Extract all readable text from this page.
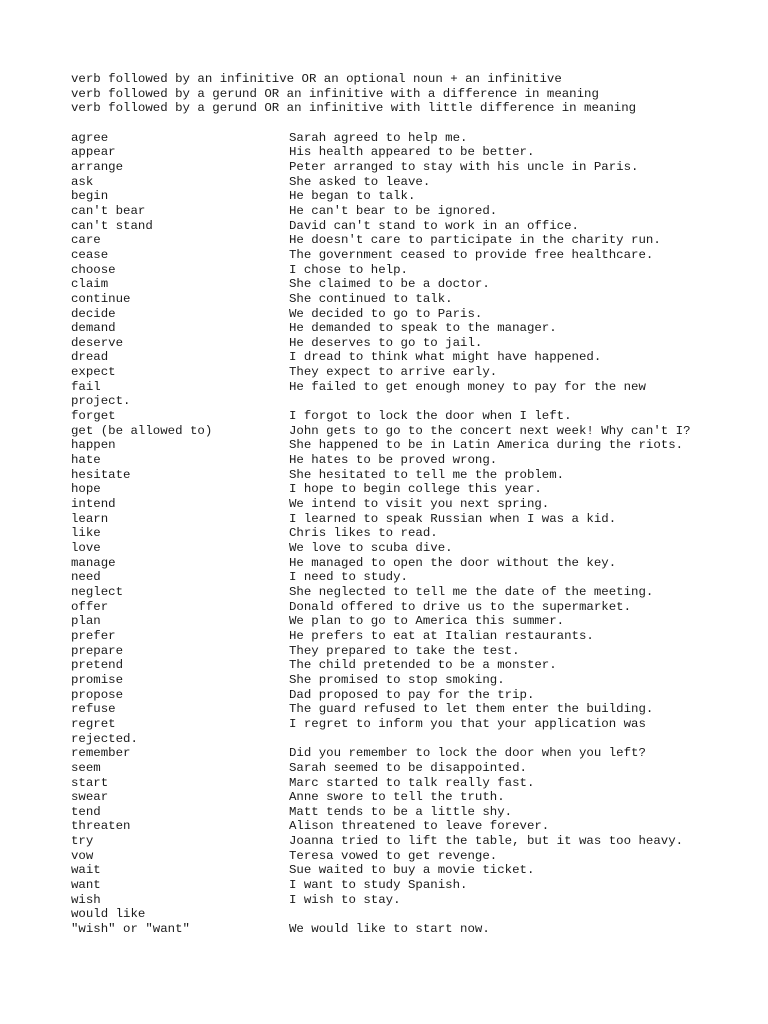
verb followed by an infinitive OR an optional noun + an infinitive
verb followed by a gerund OR an infinitive with a difference in meaning
verb followed by a gerund OR an infinitive with little difference in meaning
agree	Sarah agreed to help me.
appear	His health appeared to be better.
arrange	Peter arranged to stay with his uncle in Paris.
ask	She asked to leave.
begin	He began to talk.
can't bear	He can't bear to be ignored.
can't stand	David can't stand to work in an office.
care	He doesn't care to participate in the charity run.
cease	The government ceased to provide free healthcare.
choose	I chose to help.
claim	She claimed to be a doctor.
continue	She continued to talk.
decide	We decided to go to Paris.
demand	He demanded to speak to the manager.
deserve	He deserves to go to jail.
dread	I dread to think what might have happened.
expect	They expect to arrive early.
fail	He failed to get enough money to pay for the new
project.
forget	I forgot to lock the door when I left.
get (be allowed to)	John gets to go to the concert next week! Why can't I?
happen	She happened to be in Latin America during the riots.
hate	He hates to be proved wrong.
hesitate	She hesitated to tell me the problem.
hope	I hope to begin college this year.
intend	We intend to visit you next spring.
learn	I learned to speak Russian when I was a kid.
like	Chris likes to read.
love	We love to scuba dive.
manage	He managed to open the door without the key.
need	I need to study.
neglect	She neglected to tell me the date of the meeting.
offer	Donald offered to drive us to the supermarket.
plan	We plan to go to America this summer.
prefer	He prefers to eat at Italian restaurants.
prepare	They prepared to take the test.
pretend	The child pretended to be a monster.
promise	She promised to stop smoking.
propose	Dad proposed to pay for the trip.
refuse	The guard refused to let them enter the building.
regret	I regret to inform you that your application was
rejected.
remember	Did you remember to lock the door when you left?
seem	Sarah seemed to be disappointed.
start	Marc started to talk really fast.
swear	Anne swore to tell the truth.
tend	Matt tends to be a little shy.
threaten	Alison threatened to leave forever.
try	Joanna tried to lift the table, but it was too heavy.
vow	Teresa vowed to get revenge.
wait	Sue waited to buy a movie ticket.
want	I want to study Spanish.
wish	I wish to stay.
would like
"wish" or "want"	We would like to start now.
